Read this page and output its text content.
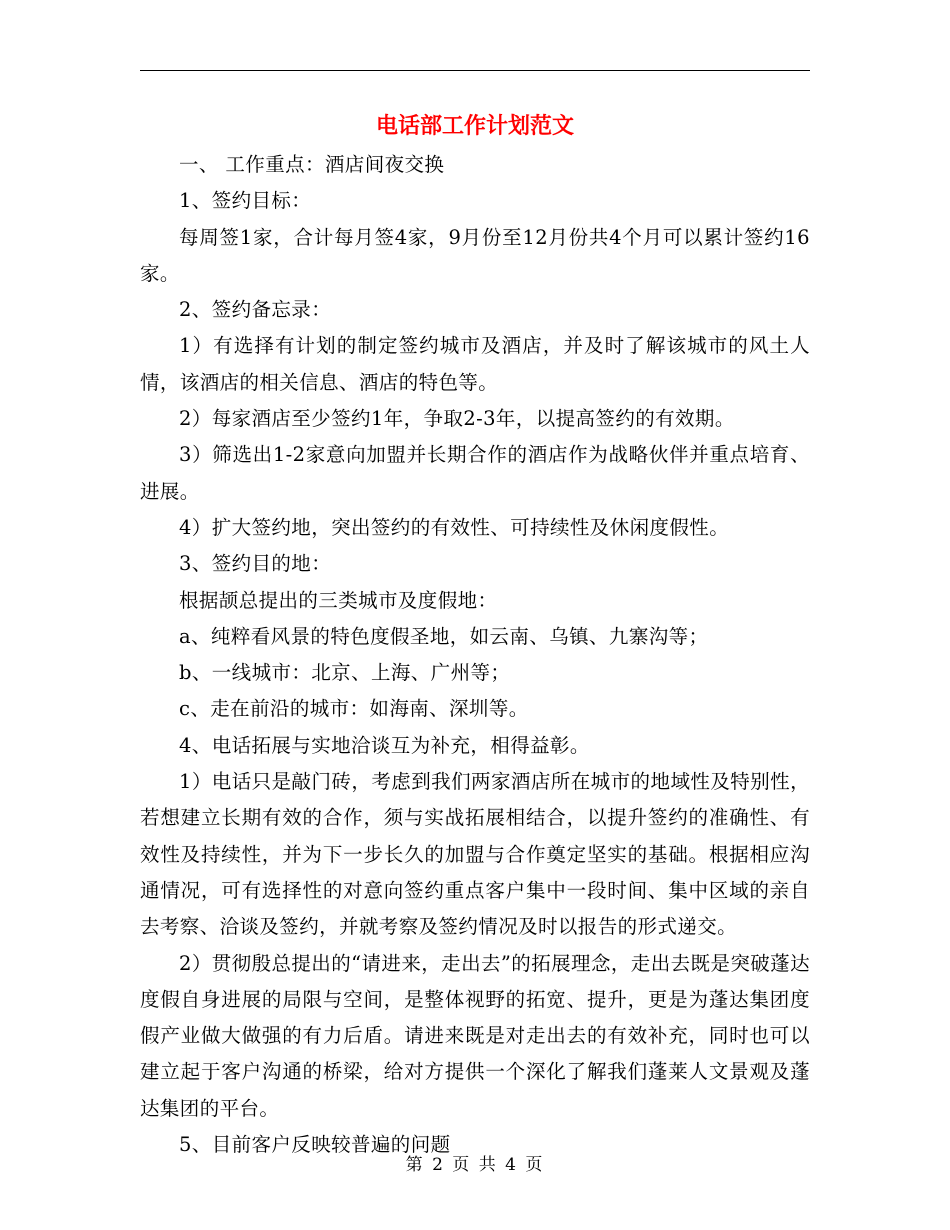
电话部工作计划范文

一、 工作重点：酒店间夜交换

1、签约目标：

每周签1家，合计每月签4家，9月份至12月份共4个月可以累计签约16家。

2、签约备忘录：

1）有选择有计划的制定签约城市及酒店，并及时了解该城市的风土人情，该酒店的相关信息、酒店的特色等。

2）每家酒店至少签约1年，争取2-3年，以提高签约的有效期。

3）筛选出1-2家意向加盟并长期合作的酒店作为战略伙伴并重点培育、进展。

4）扩大签约地，突出签约的有效性、可持续性及休闲度假性。

3、签约目的地：

根据颉总提出的三类城市及度假地：

a、纯粹看风景的特色度假圣地，如云南、乌镇、九寨沟等；

b、一线城市：北京、上海、广州等；

c、走在前沿的城市：如海南、深圳等。

4、电话拓展与实地洽谈互为补充，相得益彰。

1）电话只是敲门砖，考虑到我们两家酒店所在城市的地域性及特别性，若想建立长期有效的合作，须与实战拓展相结合，以提升签约的准确性、有效性及持续性，并为下一步长久的加盟与合作奠定坚实的基础。根据相应沟通情况，可有选择性的对意向签约重点客户集中一段时间、集中区域的亲自去考察、洽谈及签约，并就考察及签约情况及时以报告的形式递交。

2）贯彻殷总提出的“请进来，走出去”的拓展理念，走出去既是突破蓬达度假自身进展的局限与空间，是整体视野的拓宽、提升，更是为蓬达集团度假产业做大做强的有力后盾。请进来既是对走出去的有效补充，同时也可以建立起于客户沟通的桥梁，给对方提供一个深化了解我们蓬莱人文景观及蓬达集团的平台。

5、目前客户反映较普遍的问题

第 2 页 共 4 页
